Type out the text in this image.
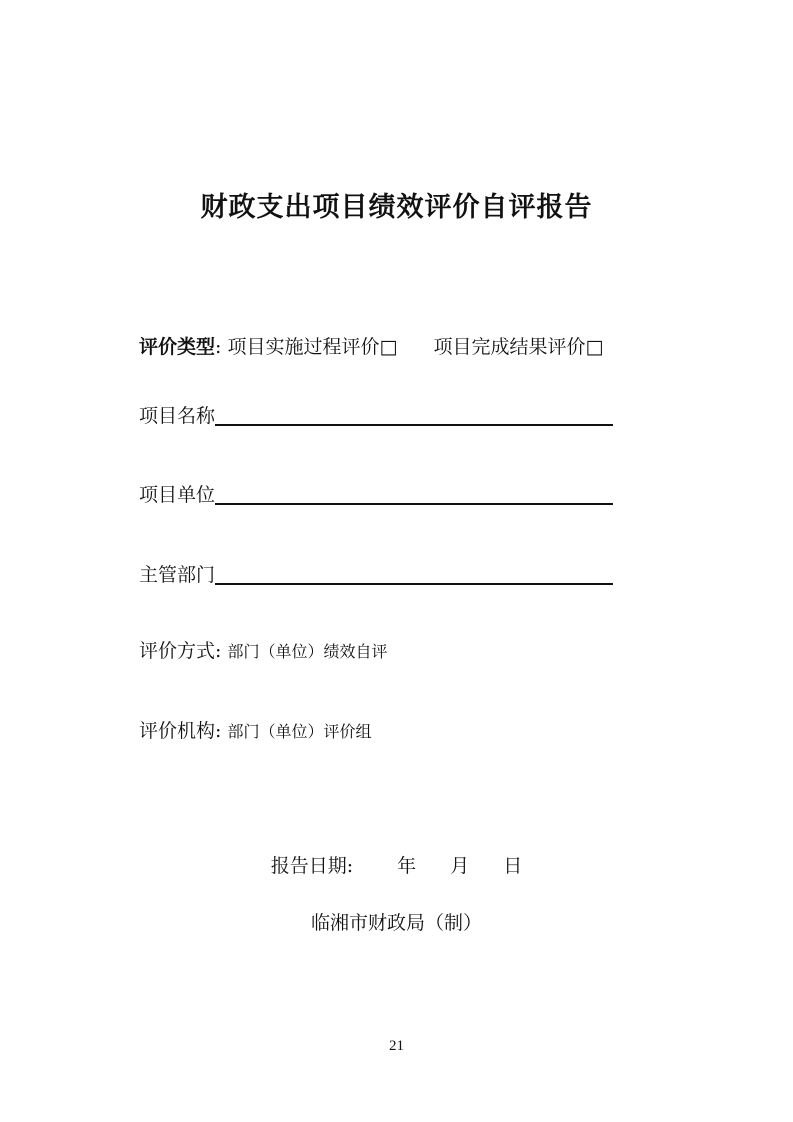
财政支出项目绩效评价自评报告
评价类型: 项目实施过程评价□ 项目完成结果评价□
项目名称
项目单位
主管部门
评价方式: 部门（单位）绩效自评
评价机构: 部门（单位）评价组
报告日期: 年 月 日
临湘市财政局（制）
21
